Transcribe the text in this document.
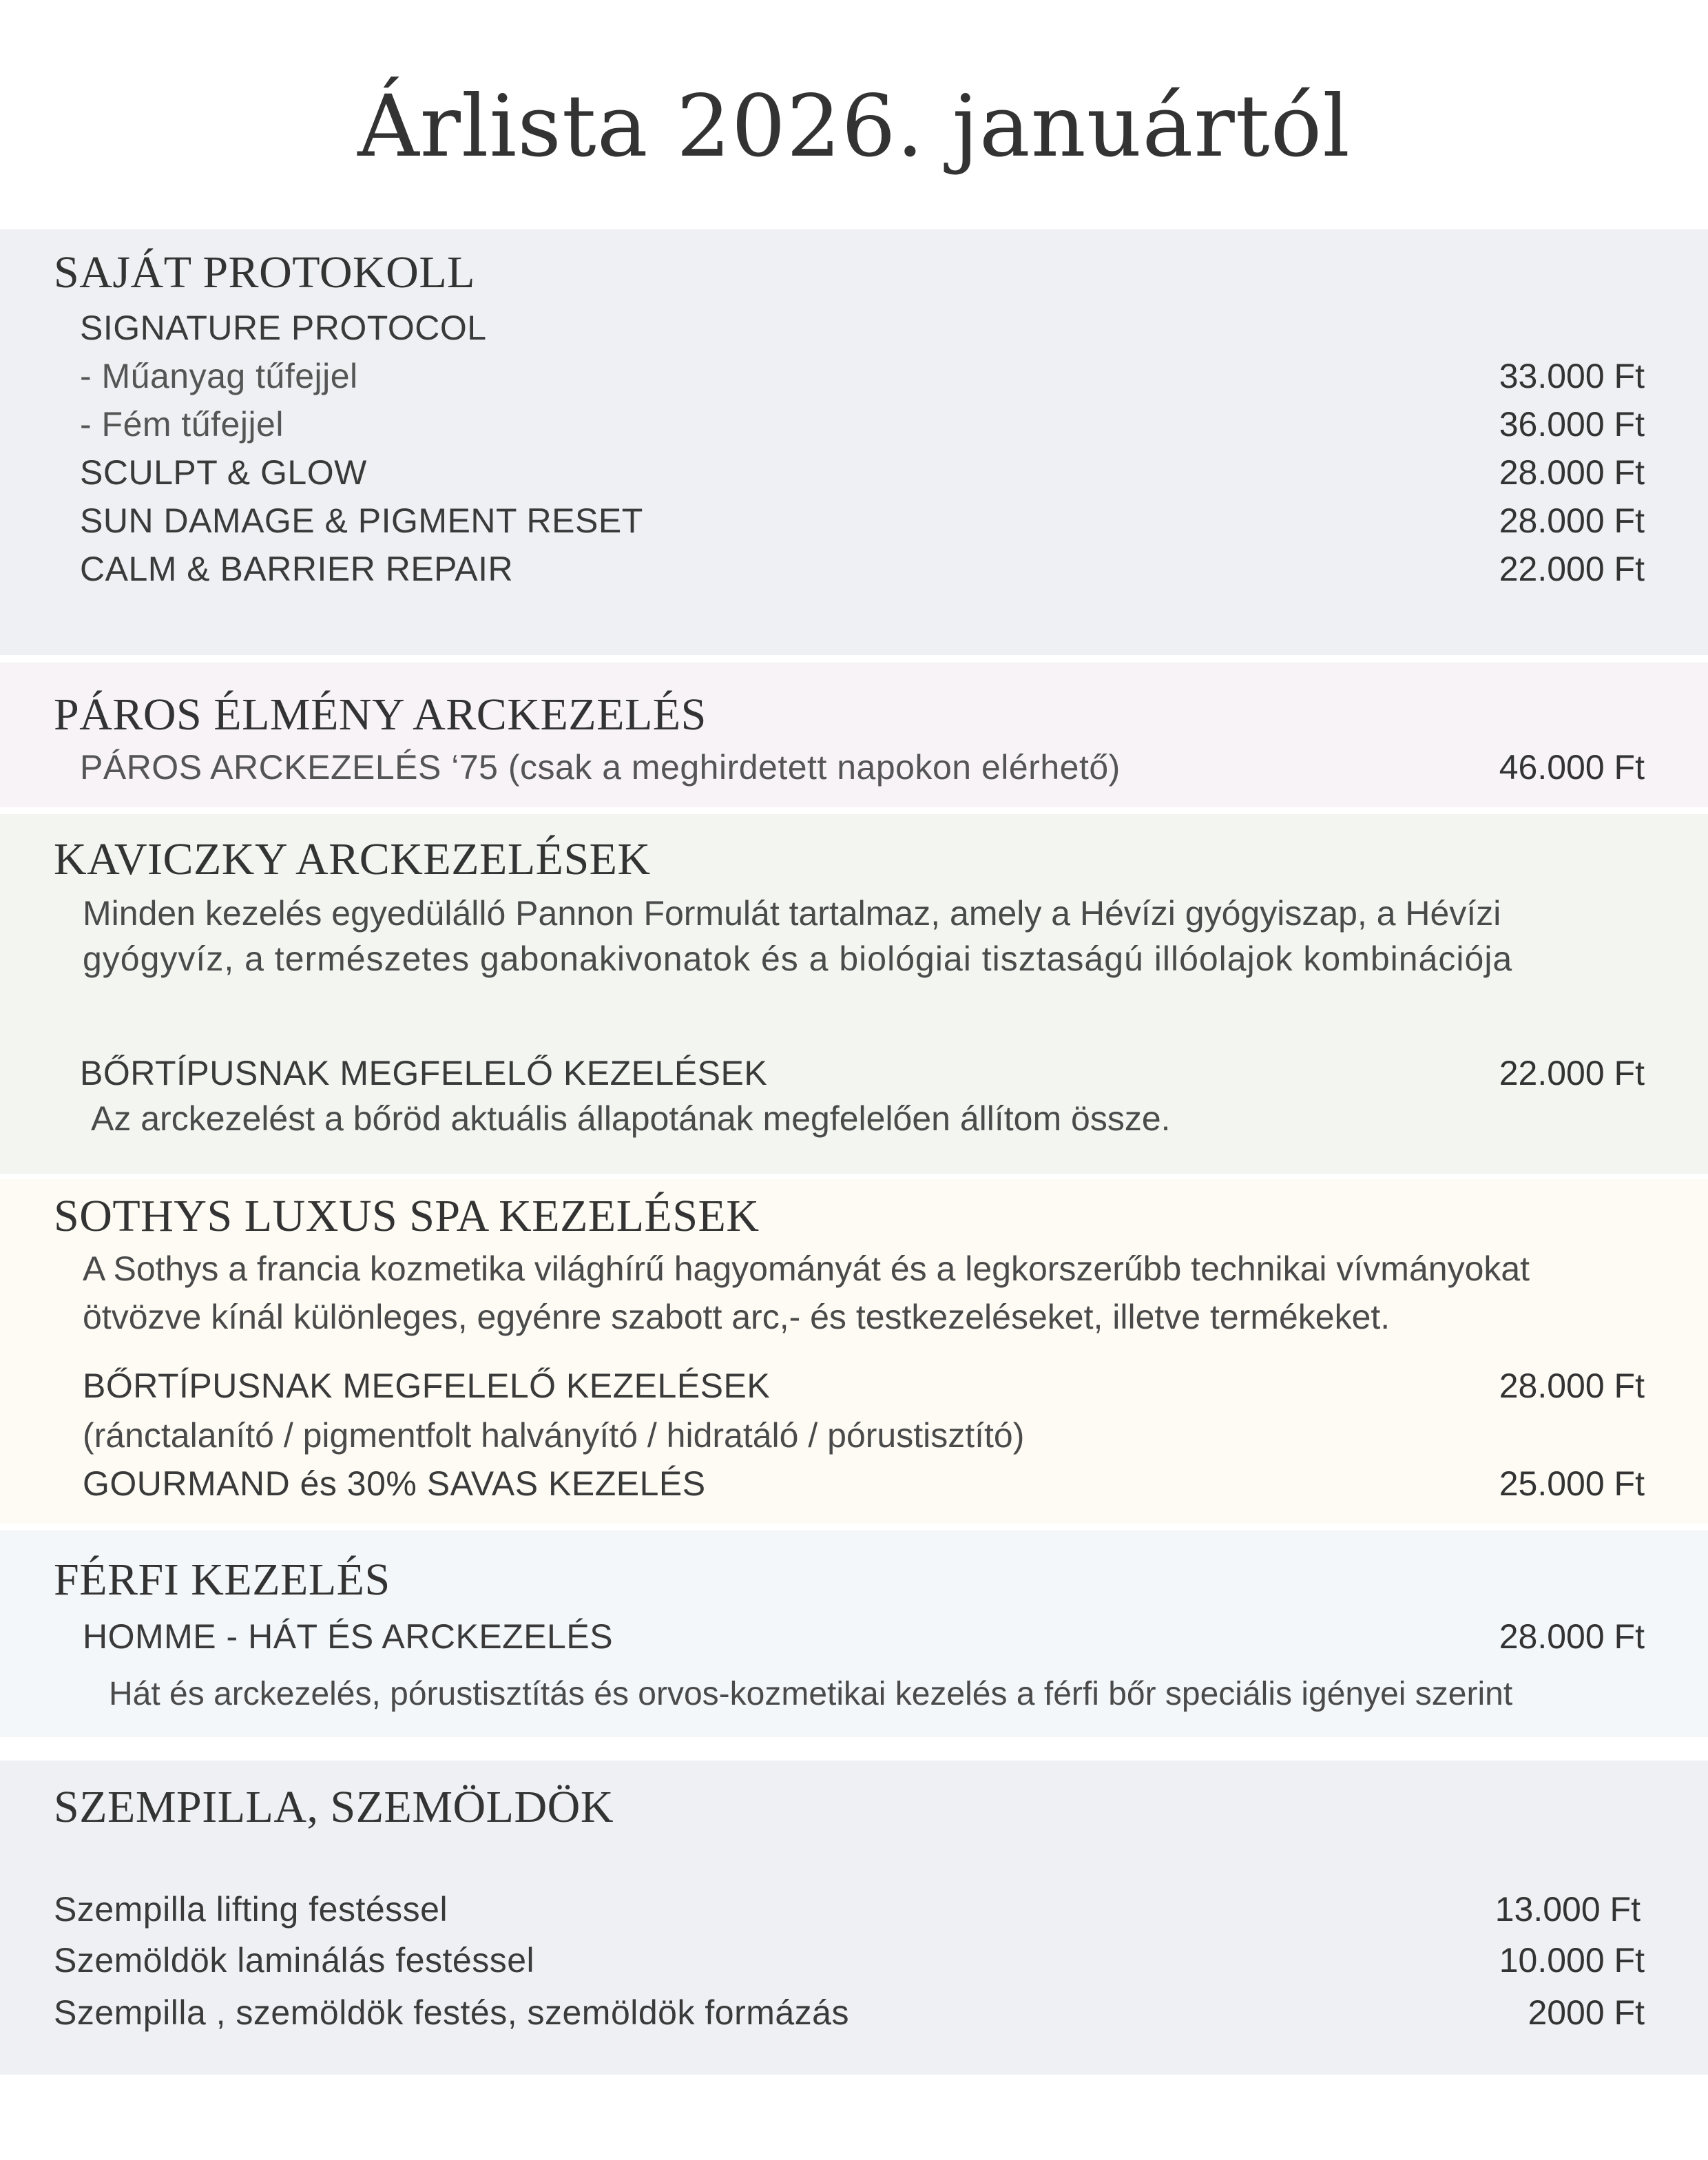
Árlista 2026. januártól
SAJÁT PROTOKOLL
SIGNATURE PROTOCOL
- Műanyag tűfejjel	33.000 Ft
- Fém tűfejjel	36.000 Ft
SCULPT & GLOW	28.000 Ft
SUN DAMAGE & PIGMENT RESET	28.000 Ft
CALM & BARRIER REPAIR	22.000 Ft
PÁROS ÉLMÉNY ARCKEZELÉS
PÁROS ARCKEZELÉS ‘75 (csak a meghirdetett napokon elérhető)	46.000 Ft
KAVICZKY ARCKEZELÉSEK
Minden kezelés egyedülálló Pannon Formulát tartalmaz, amely a Hévízi gyógyiszap, a Hévízi
gyógyvíz, a természetes gabonakivonatok és a biológiai tisztaságú illóolajok kombinációja
BŐRTÍPUSNAK MEGFELELŐ KEZELÉSEK	22.000 Ft
Az arckezelést a bőröd aktuális állapotának megfelelően állítom össze.
SOTHYS LUXUS SPA KEZELÉSEK
A Sothys a francia kozmetika világhírű hagyományát és a legkorszerűbb technikai vívmányokat
ötvözve kínál különleges, egyénre szabott arc,- és testkezeléseket, illetve termékeket.
BŐRTÍPUSNAK MEGFELELŐ KEZELÉSEK	28.000 Ft
(ránctalanító / pigmentfolt halványító / hidratáló / pórustisztító)
GOURMAND és 30% SAVAS KEZELÉS	25.000 Ft
FÉRFI KEZELÉS
HOMME - HÁT ÉS ARCKEZELÉS	28.000 Ft
Hát és arckezelés, pórustisztítás és orvos-kozmetikai kezelés a férfi bőr speciális igényei szerint
SZEMPILLA, SZEMÖLDÖK
Szempilla lifting festéssel	13.000 Ft
Szemöldök laminálás festéssel	10.000 Ft
Szempilla , szemöldök festés, szemöldök formázás	2000 Ft
